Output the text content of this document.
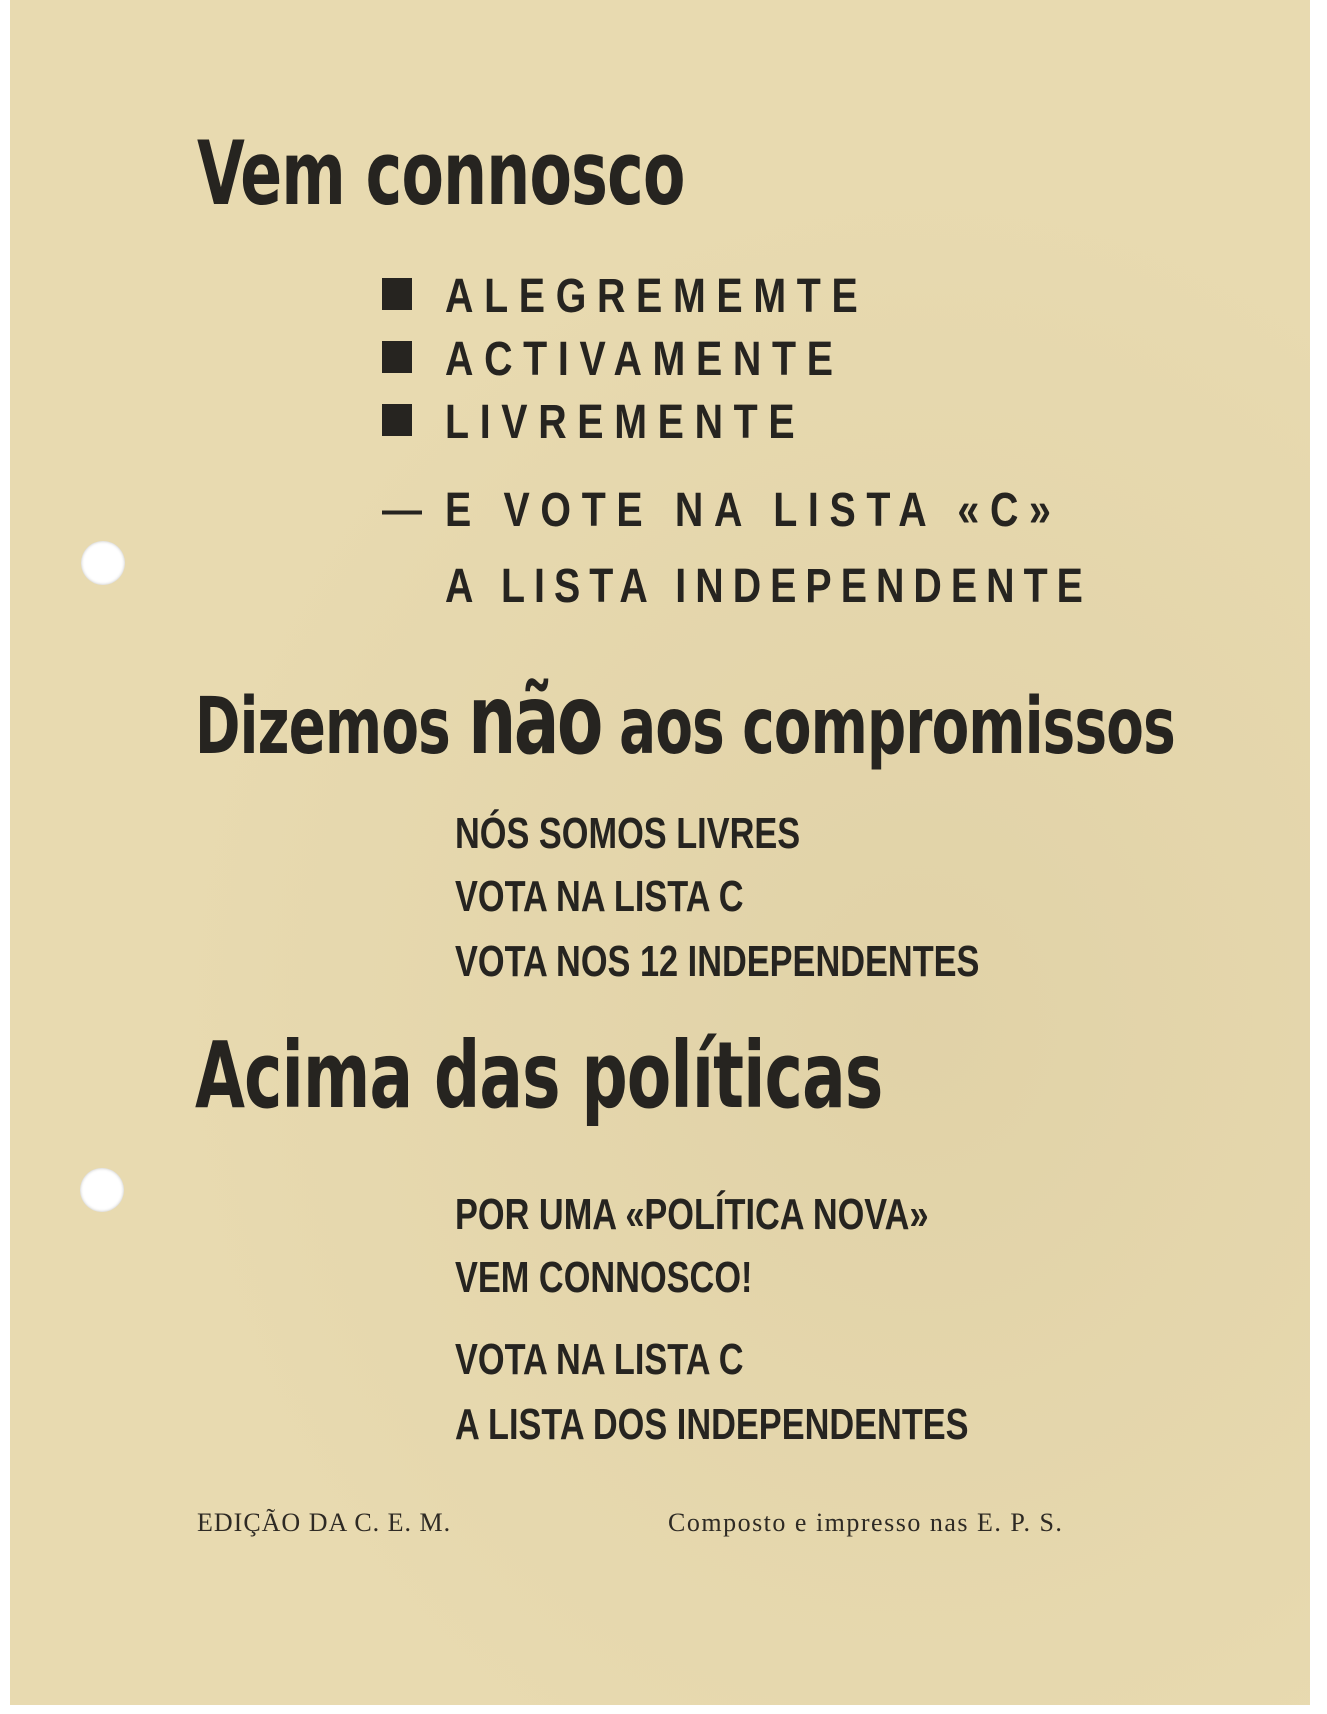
Vem connosco
ALEGREMEMTE
ACTIVAMENTE
LIVREMENTE
— E VOTE NA LISTA «C»
A LISTA INDEPENDENTE
Dizemos não aos compromissos
NÓS SOMOS LIVRES
VOTA NA LISTA C
VOTA NOS 12 INDEPENDENTES
Acima das políticas
POR UMA «POLÍTICA NOVA»
VEM CONNOSCO!
VOTA NA LISTA C
A LISTA DOS INDEPENDENTES
EDIÇÃO DA C. E. M.	Composto e impresso nas E. P. S.
